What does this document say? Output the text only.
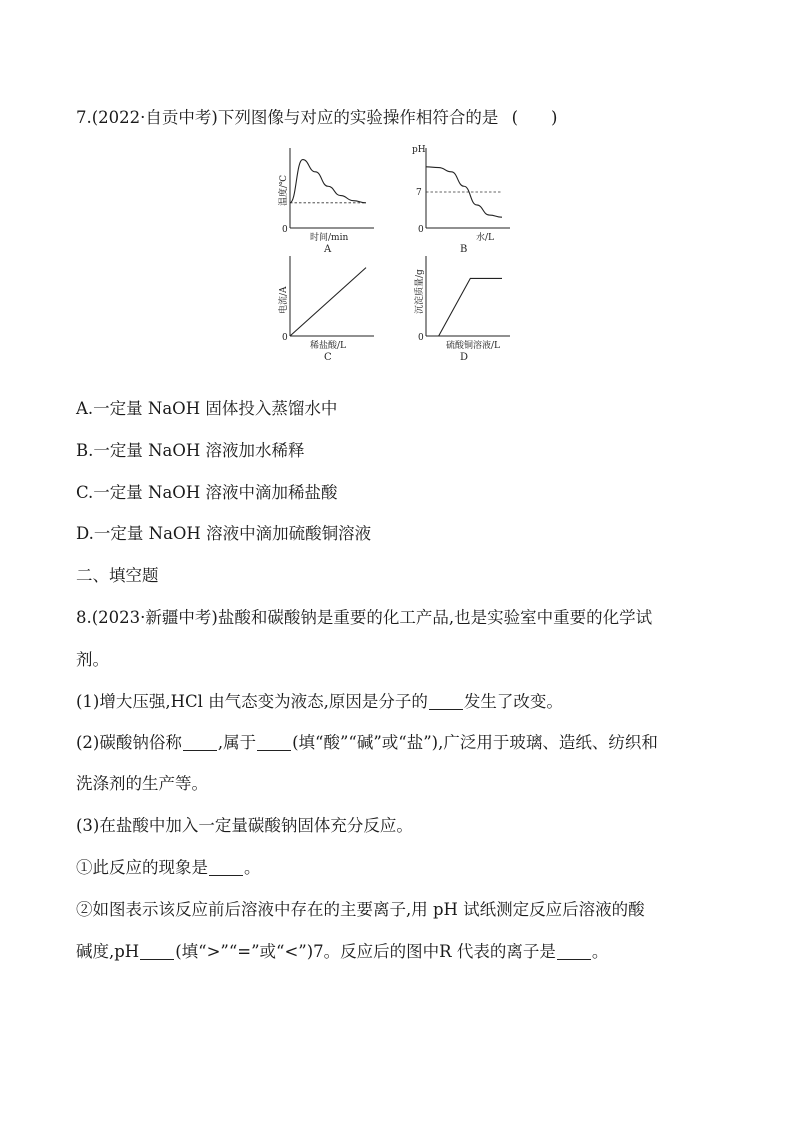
7.(2022·自贡中考)下列图像与对应的实验操作相符合的是 (　　)
0
温度/℃
时间/min
A
0
pH
水/L
B
7
0
电流/A
稀盐酸/L
C
0
沉淀质量/g
硫酸铜溶液/L
D
A.一定量 NaOH 固体投入蒸馏水中
B.一定量 NaOH 溶液加水稀释
C.一定量 NaOH 溶液中滴加稀盐酸
D.一定量 NaOH 溶液中滴加硫酸铜溶液
二、填空题
8.(2023·新疆中考)盐酸和碳酸钠是重要的化工产品,也是实验室中重要的化学试
剂。
(1)增大压强,HCl 由气态变为液态,原因是分子的 发生了改变。
(2)碳酸钠俗称 ,属于 (填“酸”“碱”或“盐”),广泛用于玻璃、造纸、纺织和
洗涤剂的生产等。
(3)在盐酸中加入一定量碳酸钠固体充分反应。
①此反应的现象是 。
②如图表示该反应前后溶液中存在的主要离子,用 pH 试纸测定反应后溶液的酸
碱度,pH (填“>”“=”或“<”)7。反应后的图中R 代表的离子是 。
